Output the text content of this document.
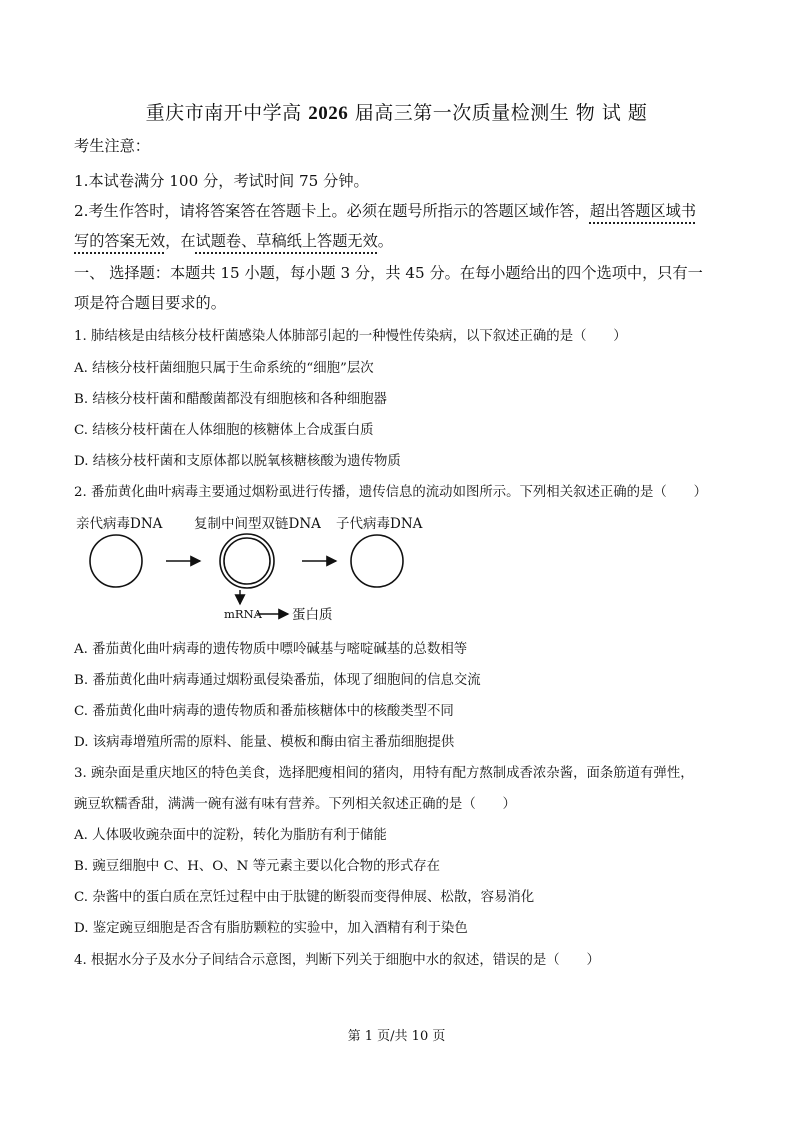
重庆市南开中学高 2026 届高三第一次质量检测生 物 试 题
考生注意：
1.本试卷满分 100 分，考试时间 75 分钟。
2.考生作答时，请将答案答在答题卡上。必须在题号所指示的答题区域作答，超出答题区域书
写的答案无效，在试题卷、草稿纸上答题无效。
一、 选择题：本题共 15 小题，每小题 3 分，共 45 分。在每小题给出的四个选项中，只有一
项是符合题目要求的。
1. 肺结核是由结核分枝杆菌感染人体肺部引起的一种慢性传染病，以下叙述正确的是（　　）
A. 结核分枝杆菌细胞只属于生命系统的“细胞”层次
B. 结核分枝杆菌和醋酸菌都没有细胞核和各种细胞器
C. 结核分枝杆菌在人体细胞的核糖体上合成蛋白质
D. 结核分枝杆菌和支原体都以脱氧核糖核酸为遗传物质
2. 番茄黄化曲叶病毒主要通过烟粉虱进行传播，遗传信息的流动如图所示。下列相关叙述正确的是（　　）
亲代病毒DNA 复制中间型双链DNA 子代病毒DNA
mRNA 蛋白质
A. 番茄黄化曲叶病毒的遗传物质中嘌呤碱基与嘧啶碱基的总数相等
B. 番茄黄化曲叶病毒通过烟粉虱侵染番茄，体现了细胞间的信息交流
C. 番茄黄化曲叶病毒的遗传物质和番茄核糖体中的核酸类型不同
D. 该病毒增殖所需的原料、能量、模板和酶由宿主番茄细胞提供
3. 豌杂面是重庆地区的特色美食，选择肥瘦相间的猪肉，用特有配方熬制成香浓杂酱，面条筋道有弹性，
豌豆软糯香甜，满满一碗有滋有味有营养。下列相关叙述正确的是（　　）
A. 人体吸收豌杂面中的淀粉，转化为脂肪有利于储能
B. 豌豆细胞中 C、H、O、N 等元素主要以化合物的形式存在
C. 杂酱中的蛋白质在烹饪过程中由于肽键的断裂而变得伸展、松散，容易消化
D. 鉴定豌豆细胞是否含有脂肪颗粒的实验中，加入酒精有利于染色
4. 根据水分子及水分子间结合示意图，判断下列关于细胞中水的叙述，错误的是（　　）
第 1 页/共 10 页
